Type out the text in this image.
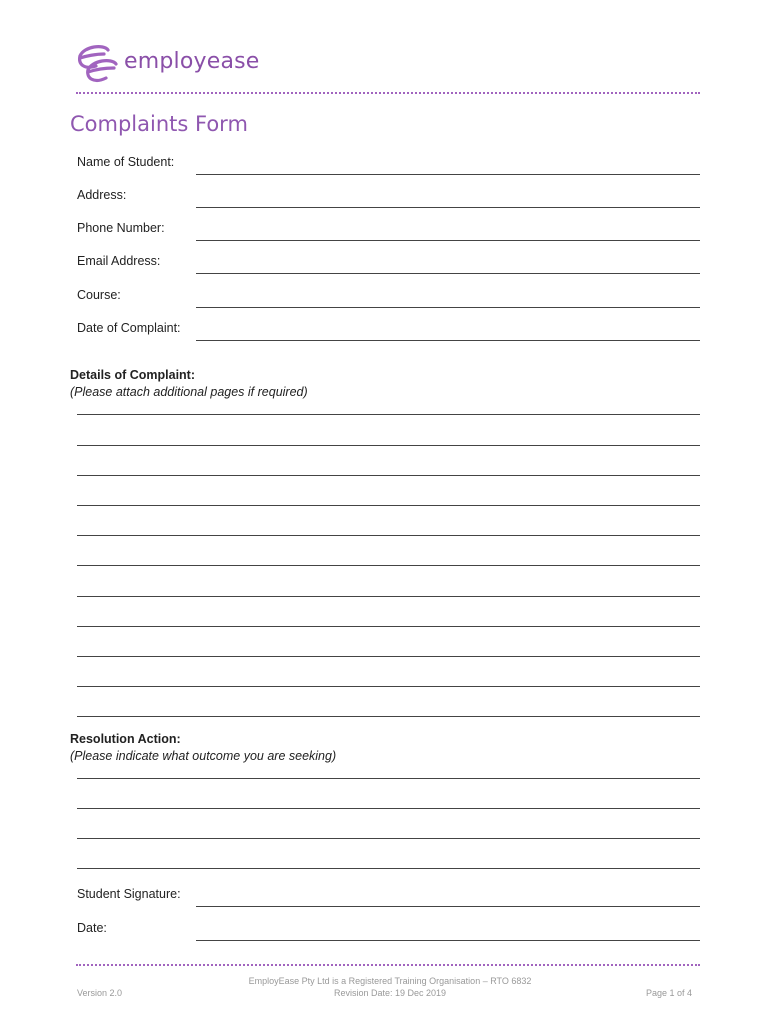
employease
Complaints Form
Name of Student:
Address:
Phone Number:
Email Address:
Course:
Date of Complaint:
Details of Complaint:
(Please attach additional pages if required)
Resolution Action:
(Please indicate what outcome you are seeking)
Student Signature:
Date:
Version 2.0
EmployEase Pty Ltd is a Registered Training Organisation – RTO 6832
Revision Date: 19 Dec 2019	Page 1 of 4
